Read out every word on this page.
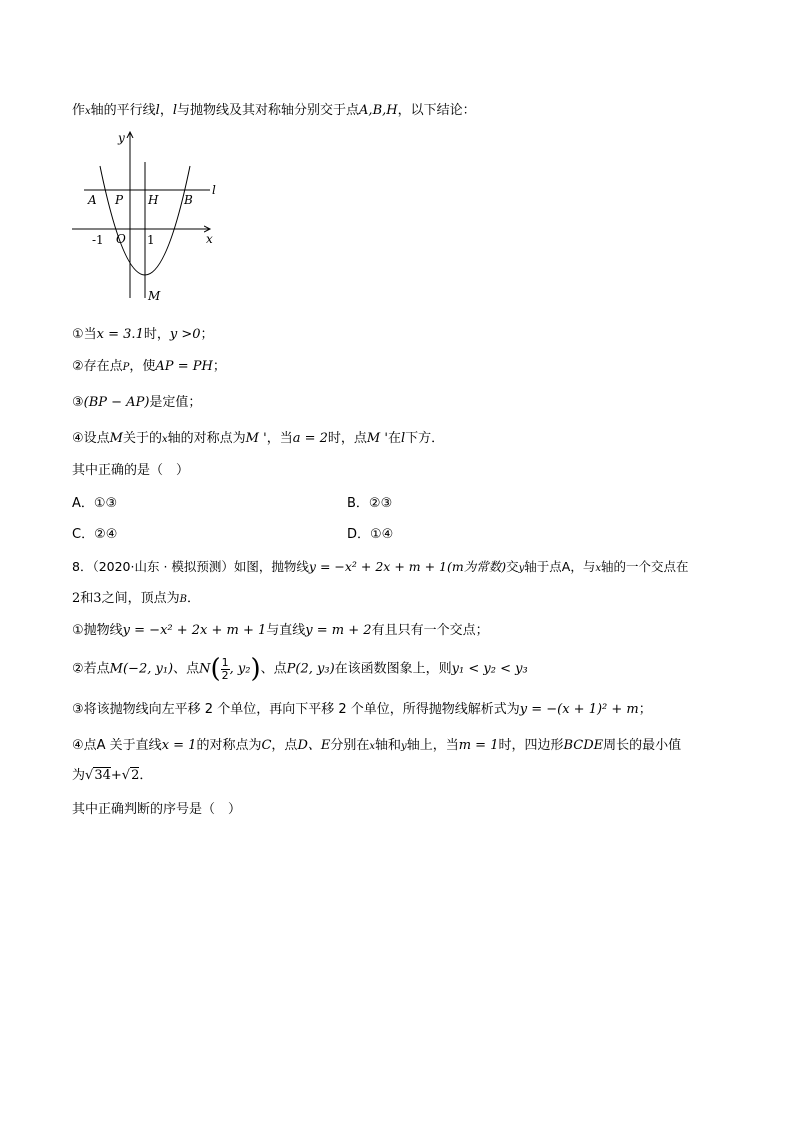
作x轴的平行线l，l与抛物线及其对称轴分别交于点A,B,H，以下结论：
y
x
l
A P H B
-1 O 1
M
①当x = 3.1时，y >0；
②存在点P，使AP = PH；
③(BP − AP)是定值；
④设点M关于的x轴的对称点为M '，当a = 2时，点M '在l下方．
其中正确的是（　）
A．①③	B．②③
C．②④	D．①④
8．（2020·山东 · 模拟预测）如图，抛物线y = −x² + 2x + m + 1(m为常数)交y轴于点A，与x轴的一个交点在
2和3之间，顶点为B．
①抛物线y = −x² + 2x + m + 1与直线y = m + 2有且只有一个交点；
②若点M(−2, y₁)、点$N( \frac{1}{2}$ , y₂)、点P(2, y₃)在该函数图象上，则y₁ < y₂ < y₃
③将该抛物线向左平移 2 个单位，再向下平移 2 个单位，所得抛物线解析式为y = −(x + 1)² + m；
④点A 关于直线x = 1的对称点为C，点D、E分别在x轴和y轴上，当m = 1时，四边形BCDE周长的最小值
为√34+√2．
其中正确判断的序号是（　）
